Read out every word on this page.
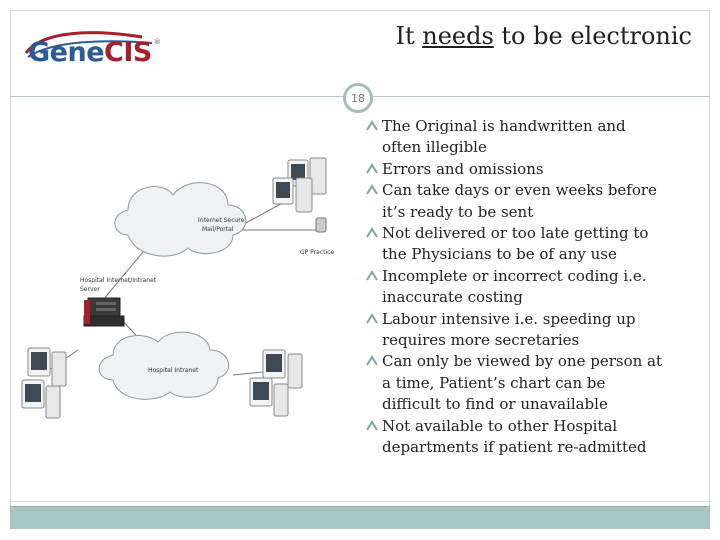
GeneCIS ®	It needs to be electronic
18
The Original is handwritten and often illegible
Errors and omissions
Can take days or even weeks before it’s ready to be sent
Not delivered or too late getting to the Physicians to be of any use
Incomplete or incorrect coding i.e. inaccurate costing
Labour intensive i.e. speeding up requires more secretaries
Can only be viewed by one person at a time, Patient’s chart can be difficult to find or unavailable
Not available to other Hospital departments if patient re-admitted
Internet Secure
Mail/Portal
GP Practice
Hospital Internet/Intranet
Server
Hospital Intranet
